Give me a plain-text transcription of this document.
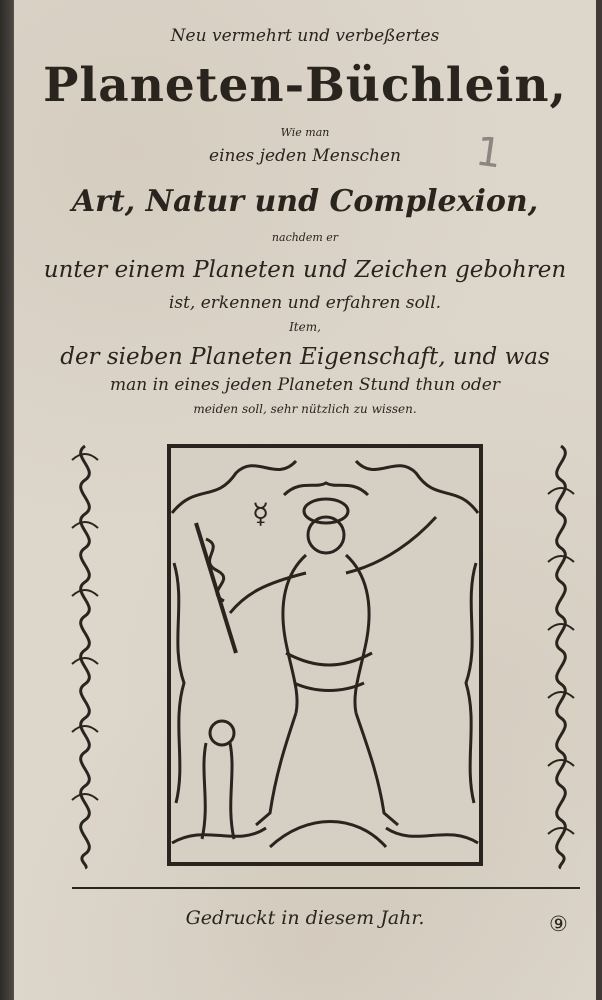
Neu vermehrt und verbeßertes
Planeten-Büchlein,
Wie man
eines jeden Menschen
Art, Natur und Complexion,
nachdem er
unter einem Planeten und Zeichen gebohren
ist, erkennen und erfahren soll.
Item,
der sieben Planeten Eigenschaft, und was
man in eines jeden Planeten Stund thun oder
meiden soll, sehr nützlich zu wissen.
1
☿
Gedruckt in diesem Jahr.	⑨
